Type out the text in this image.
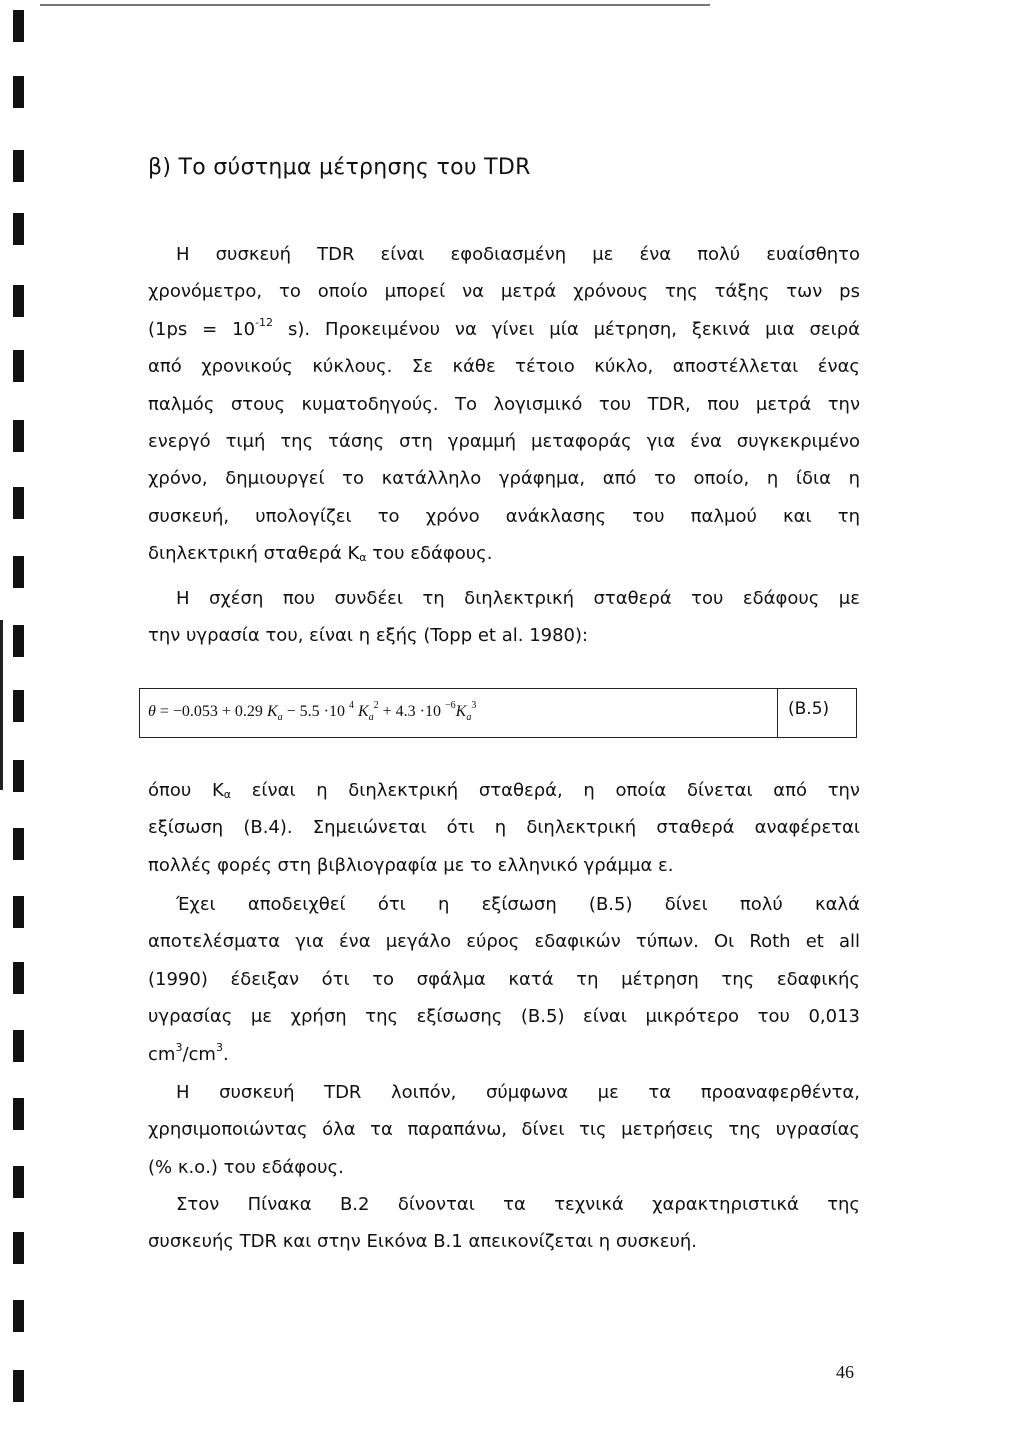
β) Το σύστημα μέτρησης του TDR
Η συσκευή TDR είναι εφοδιασμένη με ένα πολύ ευαίσθητο
χρονόμετρο, το οποίο μπορεί να μετρά χρόνους της τάξης των ps
($1ps = 10^{-12}$ s). Προκειμένου να γίνει μία μέτρηση, ξεκινά μια σειρά
από χρονικούς κύκλους. Σε κάθε τέτοιο κύκλο, αποστέλλεται ένας
παλμός στους κυματοδηγούς. Το λογισμικό του TDR, που μετρά την
ενεργό τιμή της τάσης στη γραμμή μεταφοράς για ένα συγκεκριμένο
χρόνο, δημιουργεί το κατάλληλο γράφημα, από το οποίο, η ίδια η
συσκευή, υπολογίζει το χρόνο ανάκλασης του παλμού και τη
διηλεκτρική σταθερά $K_\alpha$ του εδάφους.
Η σχέση που συνδέει τη διηλεκτρική σταθερά του εδάφους με
την υγρασία του, είναι η εξής (Topp et al. 1980):
θ = −0.053 + 0.29 $K_a - 5.5 \cdot 10$ $^4$ $K_a^2 + 4.3 \cdot 10$ $^{-6}K_a^3$	(B.5)
όπου $K_\alpha$ είναι η διηλεκτρική σταθερά, η οποία δίνεται από την
εξίσωση (B.4). Σημειώνεται ότι η διηλεκτρική σταθερά αναφέρεται
πολλές φορές στη βιβλιογραφία με το ελληνικό γράμμα ε.
Έχει αποδειχθεί ότι η εξίσωση (B.5) δίνει πολύ καλά
αποτελέσματα για ένα μεγάλο εύρος εδαφικών τύπων. Οι Roth et all
(1990) έδειξαν ότι το σφάλμα κατά τη μέτρηση της εδαφικής
υγρασίας με χρήση της εξίσωσης (B.5) είναι μικρότερο του 0,013
$cm^3/cm^3$.
Η συσκευή TDR λοιπόν, σύμφωνα με τα προαναφερθέντα,
χρησιμοποιώντας όλα τα παραπάνω, δίνει τις μετρήσεις της υγρασίας
(% κ.ο.) του εδάφους.
Στον Πίνακα B.2 δίνονται τα τεχνικά χαρακτηριστικά της
συσκευής TDR και στην Εικόνα B.1 απεικονίζεται η συσκευή.
46
